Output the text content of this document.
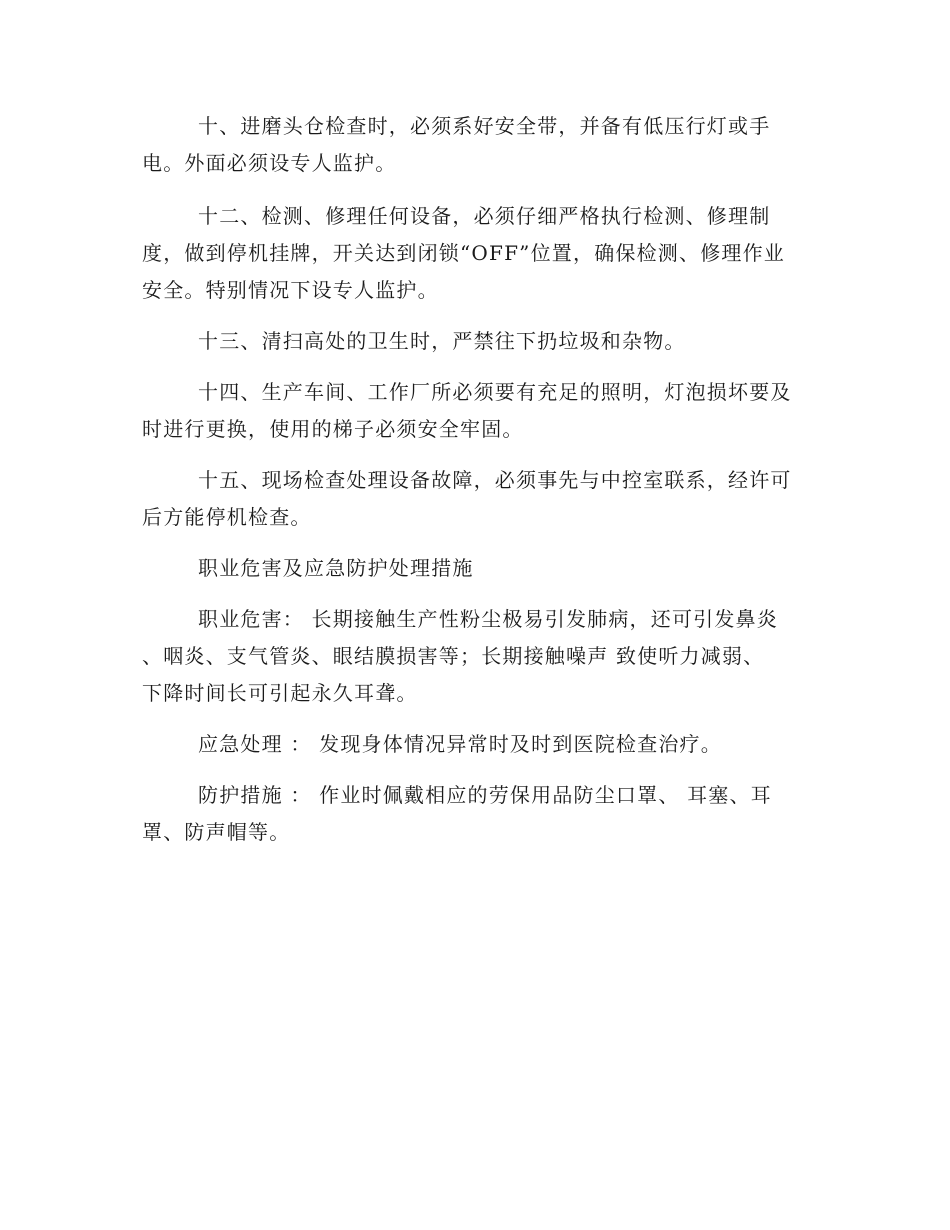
十、进磨头仓检查时，必须系好安全带，并备有低压行灯或手
电。外面必须设专人监护。

十二、检测、修理任何设备，必须仔细严格执行检测、修理制
度，做到停机挂牌，开关达到闭锁“OFF”位置，确保检测、修理作业
安全。特别情况下设专人监护。

十三、清扫高处的卫生时，严禁往下扔垃圾和杂物。

十四、生产车间、工作厂所必须要有充足的照明，灯泡损坏要及
时进行更换，使用的梯子必须安全牢固。

十五、现场检查处理设备故障，必须事先与中控室联系，经许可
后方能停机检查。

职业危害及应急防护处理措施

职业危害： 长期接触生产性粉尘极易引发肺病，还可引发鼻炎
、咽炎、支气管炎、眼结膜损害等；长期接触噪声 致使听力减弱、
下降时间长可引起永久耳聋。

应急处理 ： 发现身体情况异常时及时到医院检查治疗。

防护措施 ： 作业时佩戴相应的劳保用品防尘口罩、 耳塞、耳
罩、防声帽等。
